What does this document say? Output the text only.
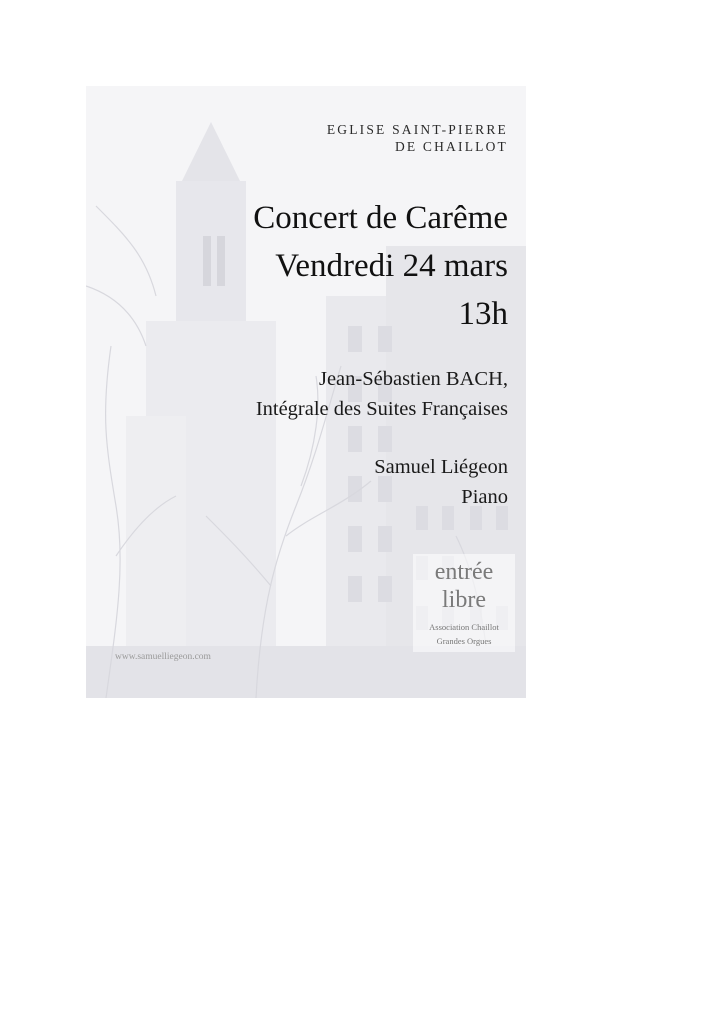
EGLISE SAINT-PIERRE
DE CHAILLOT
Concert de Carême
Vendredi 24 mars
13h
Jean-Sébastien BACH,
Intégrale des Suites Françaises
Samuel Liégeon
Piano
entrée
libre
Association Chaillot
Grandes Orgues
www.samuelliegeon.com
